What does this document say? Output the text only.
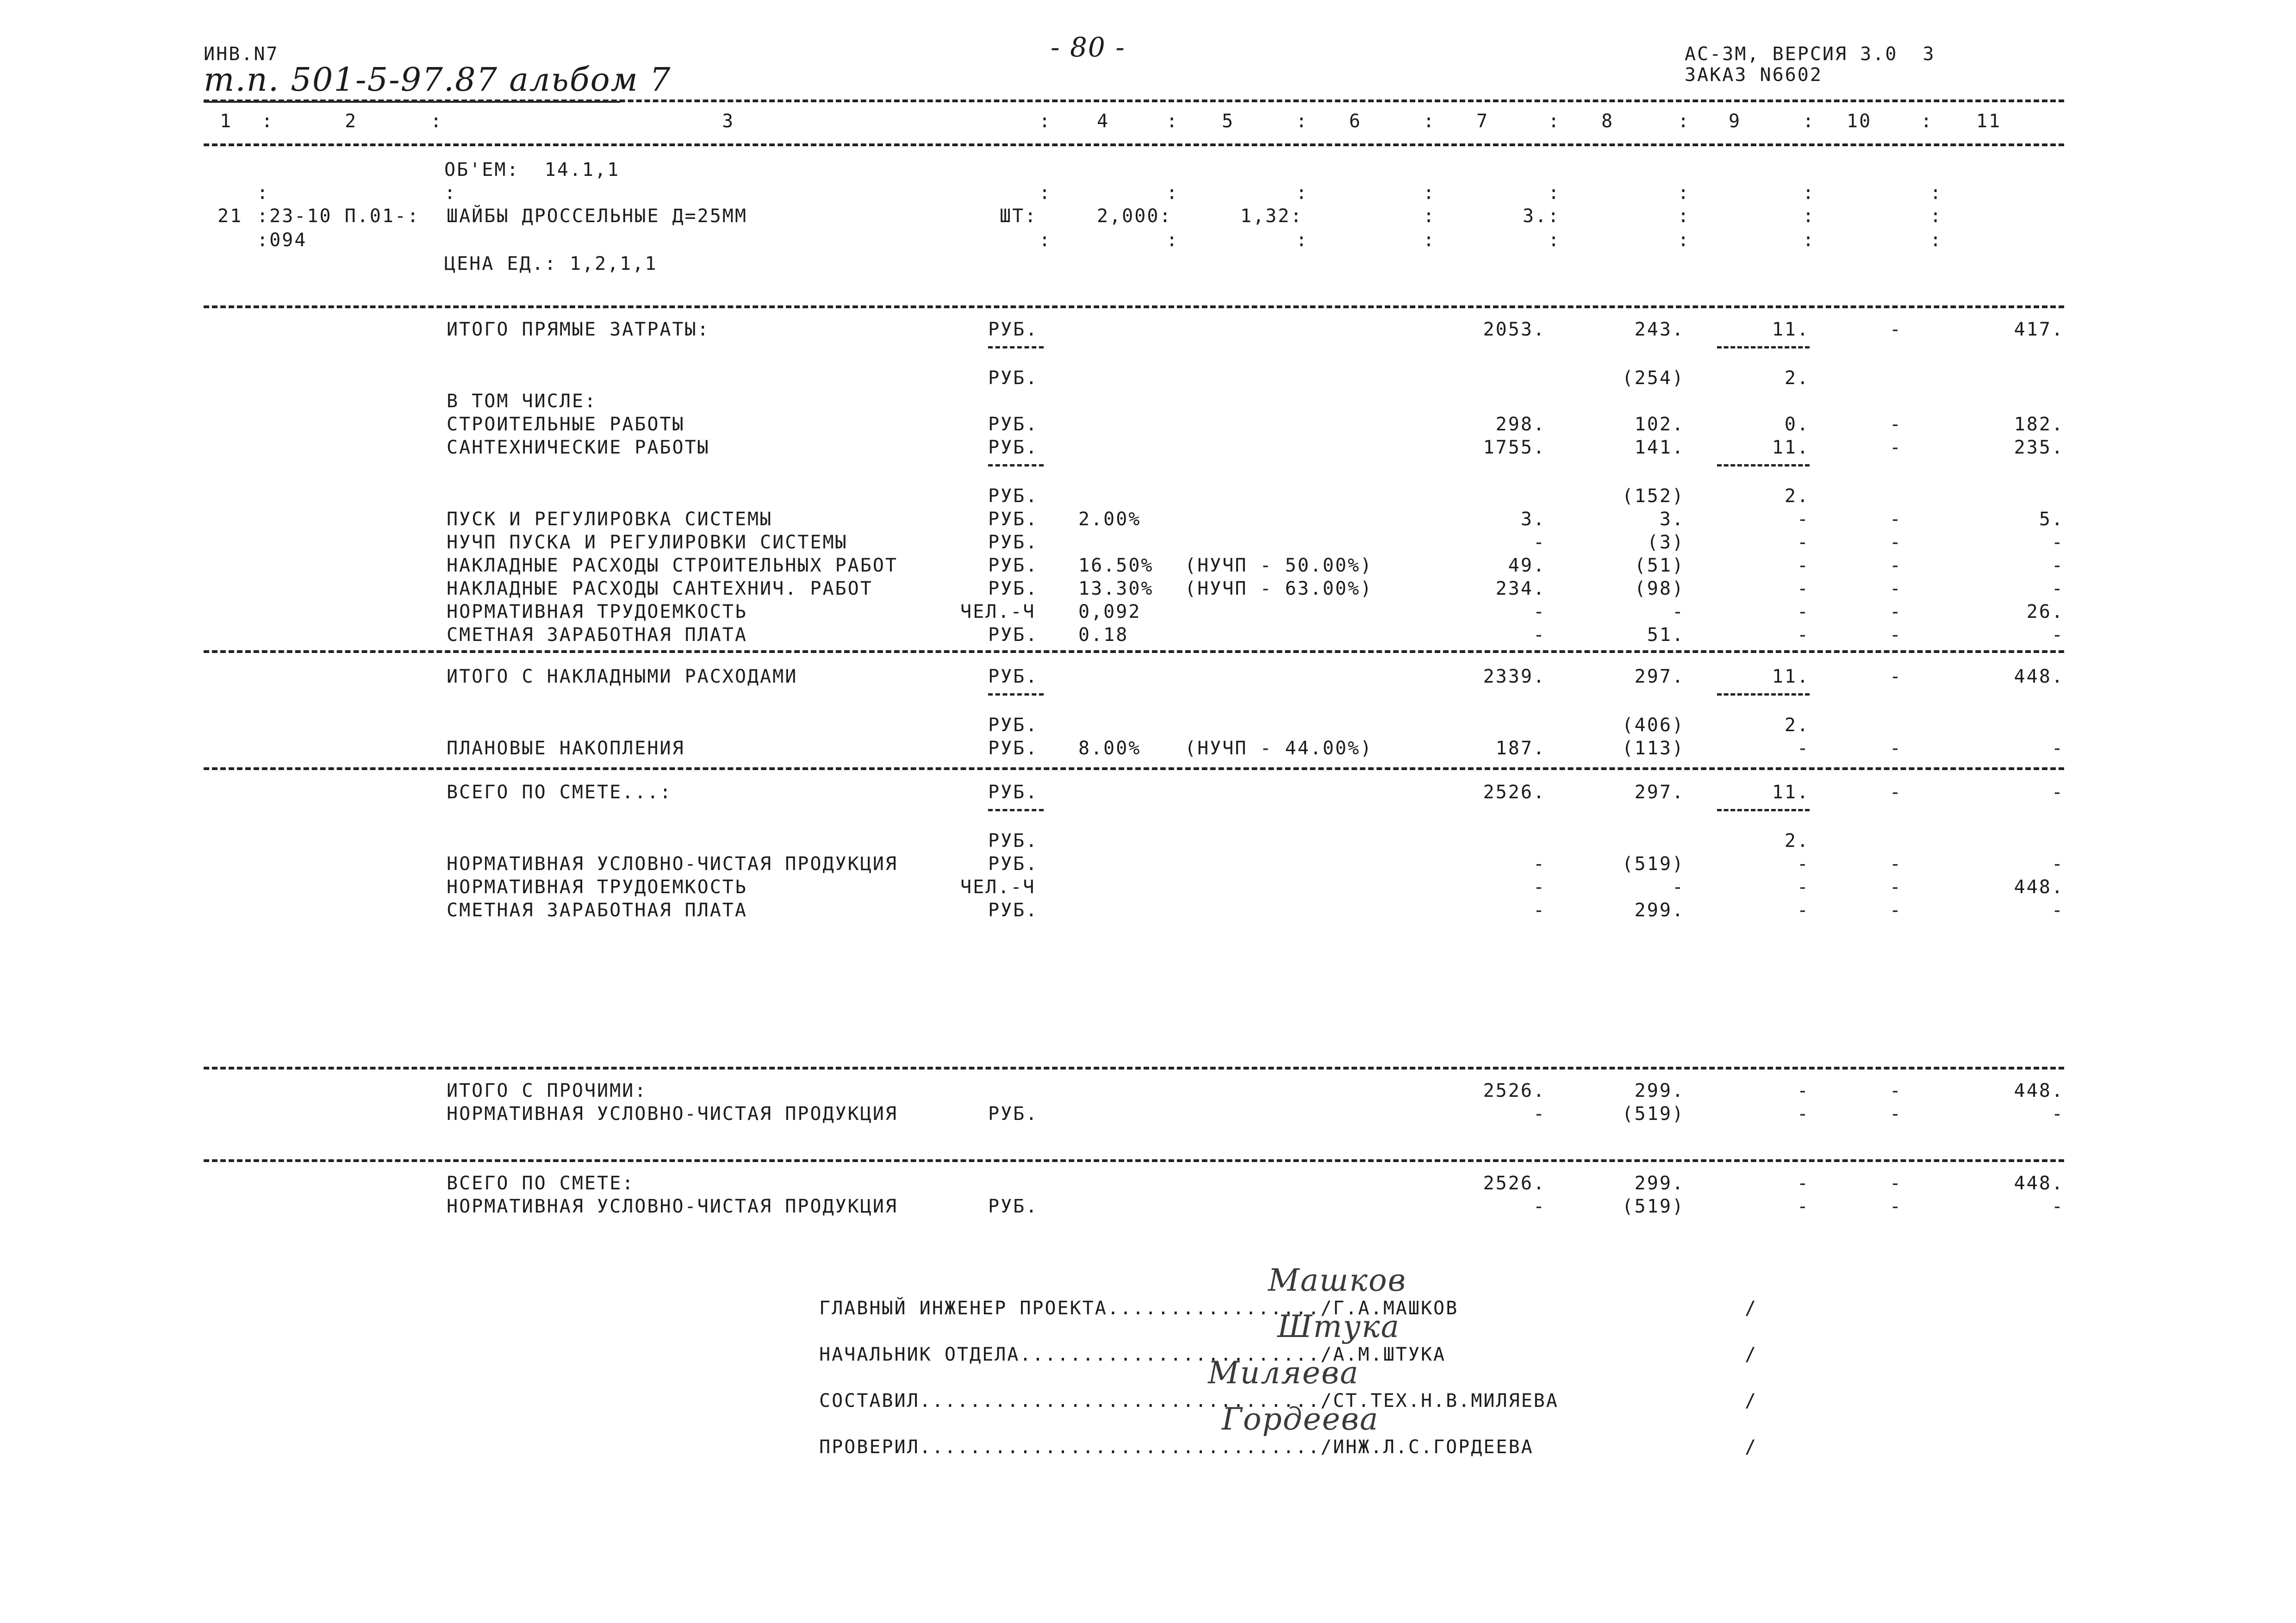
ИНВ.N7
т.п. 501-5-97.87 альбом 7
- 80 -	АС-3М, ВЕРСИЯ 3.0  3
ЗАКАЗ N6602
1 :	2	:	3	: 4	: 5	: 6	: 7	: 8	: 9	: 10	: 11
ОБ'ЕМ:  14.1,1
21 :23-10 П.01-:
:094
ШАЙБЫ ДРОССЕЛЬНЫЕ Д=25ММ	ШТ:	2,000:	1,32:	3.:
ЦЕНА ЕД.: 1,2,1,1
:	:	:	:	:	:	:	:
:	:	:	:	:	:	:	:
:	:	:	:
:	:
ИТОГО ПРЯМЫЕ ЗАТРАТЫ:	РУБ.	2053.	243.	11.	-	417.
РУБ.	(254)	2.
В ТОМ ЧИСЛЕ:
СТРОИТЕЛЬНЫЕ РАБОТЫ	РУБ.	298.	102.	0.	-	182.
САНТЕХНИЧЕСКИЕ РАБОТЫ	РУБ.	1755.	141.	11.	-	235.
РУБ.	(152)	2.
ПУСК И РЕГУЛИРОВКА СИСТЕМЫ	РУБ. 2.00%	3.	3.	-	-	5.
НУЧП ПУСКА И РЕГУЛИРОВКИ СИСТЕМЫ	РУБ.	-	(3)	-	-	-
НАКЛАДНЫЕ РАСХОДЫ СТРОИТЕЛЬНЫХ РАБОТ	РУБ. 16.50% (НУЧП - 50.00%)	49.	(51)	-	-	-
НАКЛАДНЫЕ РАСХОДЫ САНТЕХНИЧ. РАБОТ	РУБ. 13.30% (НУЧП - 63.00%)	234.	(98)	-	-	-
НОРМАТИВНАЯ ТРУДОЕМКОСТЬ	ЧЕЛ.-Ч 0,092	-	-	-	-	26.
СМЕТНАЯ ЗАРАБОТНАЯ ПЛАТА	РУБ. 0.18	-	51.	-	-	-
ИТОГО С НАКЛАДНЫМИ РАСХОДАМИ	РУБ.	2339.	297.	11.	-	448.
РУБ.	(406)	2.
ПЛАНОВЫЕ НАКОПЛЕНИЯ	РУБ. 8.00% (НУЧП - 44.00%)	187.	(113)	-	-	-
ВСЕГО ПО СМЕТЕ...:	РУБ.	2526.	297.	11.	-	-
РУБ.	2.
НОРМАТИВНАЯ УСЛОВНО-ЧИСТАЯ ПРОДУКЦИЯ	РУБ.	-	(519)	-	-	-
НОРМАТИВНАЯ ТРУДОЕМКОСТЬ	ЧЕЛ.-Ч	-	-	-	-	448.
СМЕТНАЯ ЗАРАБОТНАЯ ПЛАТА	РУБ.	-	299.	-	-	-
ИТОГО С ПРОЧИМИ:	2526.	299.	-	-	448.
НОРМАТИВНАЯ УСЛОВНО-ЧИСТАЯ ПРОДУКЦИЯ	РУБ.	-	(519)	-	-	-
ВСЕГО ПО СМЕТЕ:	2526.	299.	-	-	448.
НОРМАТИВНАЯ УСЛОВНО-ЧИСТАЯ ПРОДУКЦИЯ	РУБ.	-	(519)	-	-	-
ГЛАВНЫЙ ИНЖЕНЕР ПРОЕКТА................./Г.А.МАШКОВ	/
Машков
НАЧАЛЬНИК ОТДЕЛА......................../А.М.ШТУКА	/
Штука
СОСТАВИЛ................................/СТ.ТЕХ.Н.В.МИЛЯЕВА	/
Миляева
ПРОВЕРИЛ................................/ИНЖ.Л.С.ГОРДЕЕВА	/
Гордеева
